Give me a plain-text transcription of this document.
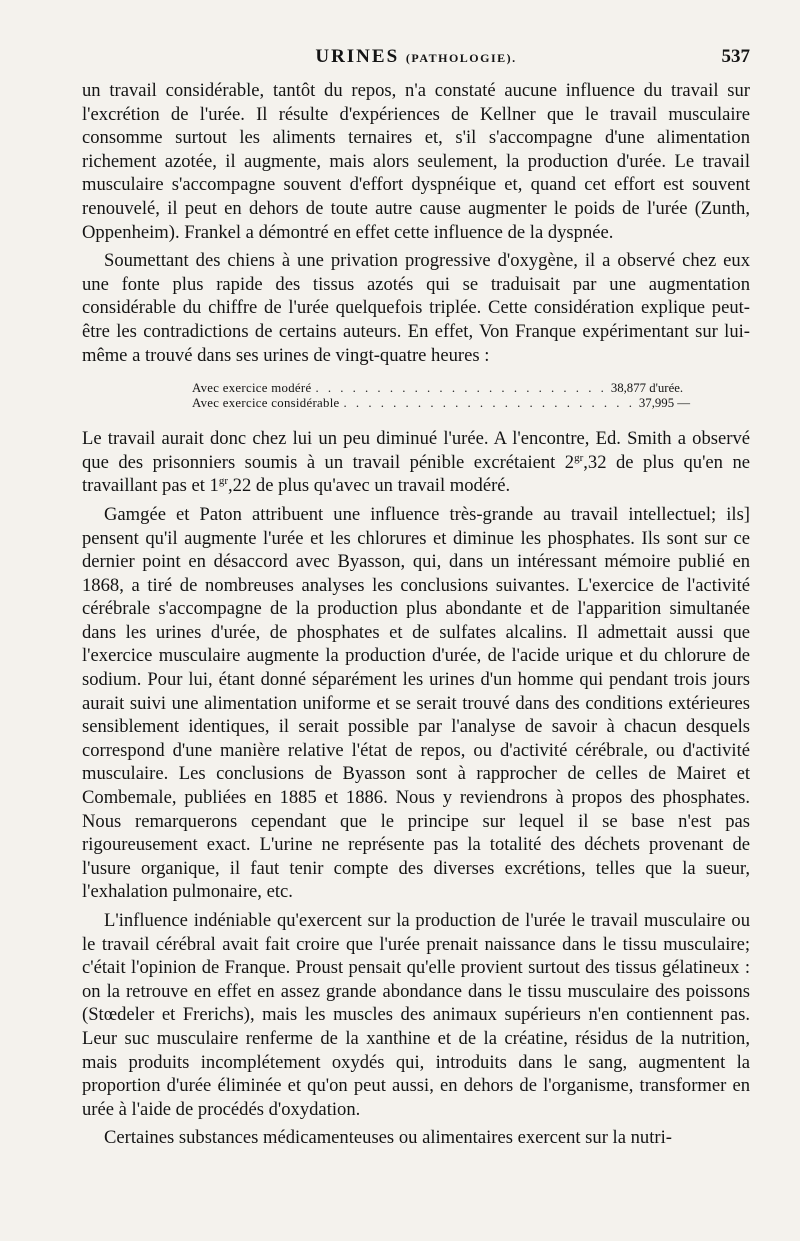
URINES (PATHOLOGIE).	537

un travail considérable, tantôt du repos, n'a constaté aucune influence du travail sur l'excrétion de l'urée. Il résulte d'expériences de Kellner que le travail musculaire consomme surtout les aliments ternaires et, s'il s'accompagne d'une alimentation richement azotée, il augmente, mais alors seulement, la production d'urée. Le travail musculaire s'accompagne souvent d'effort dyspnéique et, quand cet effort est souvent renouvelé, il peut en dehors de toute autre cause augmenter le poids de l'urée (Zunth, Oppenheim). Frankel a démontré en effet cette influence de la dyspnée.

Soumettant des chiens à une privation progressive d'oxygène, il a observé chez eux une fonte plus rapide des tissus azotés qui se traduisait par une augmentation considérable du chiffre de l'urée quelquefois triplée. Cette considération explique peut-être les contradictions de certains auteurs. En effet, Von Franque expérimentant sur lui-même a trouvé dans ses urines de vingt-quatre heures :

Avec exercice modéré . . . . . . . . . . . . . . . . . . . . . . . . 38,877 d'urée.
Avec exercice considérable . . . . . . . . . . . . . . . . . . . . . . . . 37,995 —

Le travail aurait donc chez lui un peu diminué l'urée. A l'encontre, Ed. Smith a observé que des prisonniers soumis à un travail pénible excrétaient $2^{gr},32$ de plus qu'en ne travaillant pas et $1^{gr},22$ de plus qu'avec un travail modéré.

Gamgée et Paton attribuent une influence très-grande au travail intellectuel; ils] pensent qu'il augmente l'urée et les chlorures et diminue les phosphates. Ils sont sur ce dernier point en désaccord avec Byasson, qui, dans un intéressant mémoire publié en 1868, a tiré de nombreuses analyses les conclusions suivantes. L'exercice de l'activité cérébrale s'accompagne de la production plus abondante et de l'apparition simultanée dans les urines d'urée, de phosphates et de sulfates alcalins. Il admettait aussi que l'exercice musculaire augmente la production d'urée, de l'acide urique et du chlorure de sodium. Pour lui, étant donné séparément les urines d'un homme qui pendant trois jours aurait suivi une alimentation uniforme et se serait trouvé dans des conditions extérieures sensiblement identiques, il serait possible par l'analyse de savoir à chacun desquels correspond d'une manière relative l'état de repos, ou d'activité cérébrale, ou d'activité musculaire. Les conclusions de Byasson sont à rapprocher de celles de Mairet et Combemale, publiées en 1885 et 1886. Nous y reviendrons à propos des phosphates. Nous remarquerons cependant que le principe sur lequel il se base n'est pas rigoureusement exact. L'urine ne représente pas la totalité des déchets provenant de l'usure organique, il faut tenir compte des diverses excrétions, telles que la sueur, l'exhalation pulmonaire, etc.

L'influence indéniable qu'exercent sur la production de l'urée le travail musculaire ou le travail cérébral avait fait croire que l'urée prenait naissance dans le tissu musculaire; c'était l'opinion de Franque. Proust pensait qu'elle provient surtout des tissus gélatineux : on la retrouve en effet en assez grande abondance dans le tissu musculaire des poissons (Stœdeler et Frerichs), mais les muscles des animaux supérieurs n'en contiennent pas. Leur suc musculaire renferme de la xanthine et de la créatine, résidus de la nutrition, mais produits incomplétement oxydés qui, introduits dans le sang, augmentent la proportion d'urée éliminée et qu'on peut aussi, en dehors de l'organisme, transformer en urée à l'aide de procédés d'oxydation.

Certaines substances médicamenteuses ou alimentaires exercent sur la nutri-
